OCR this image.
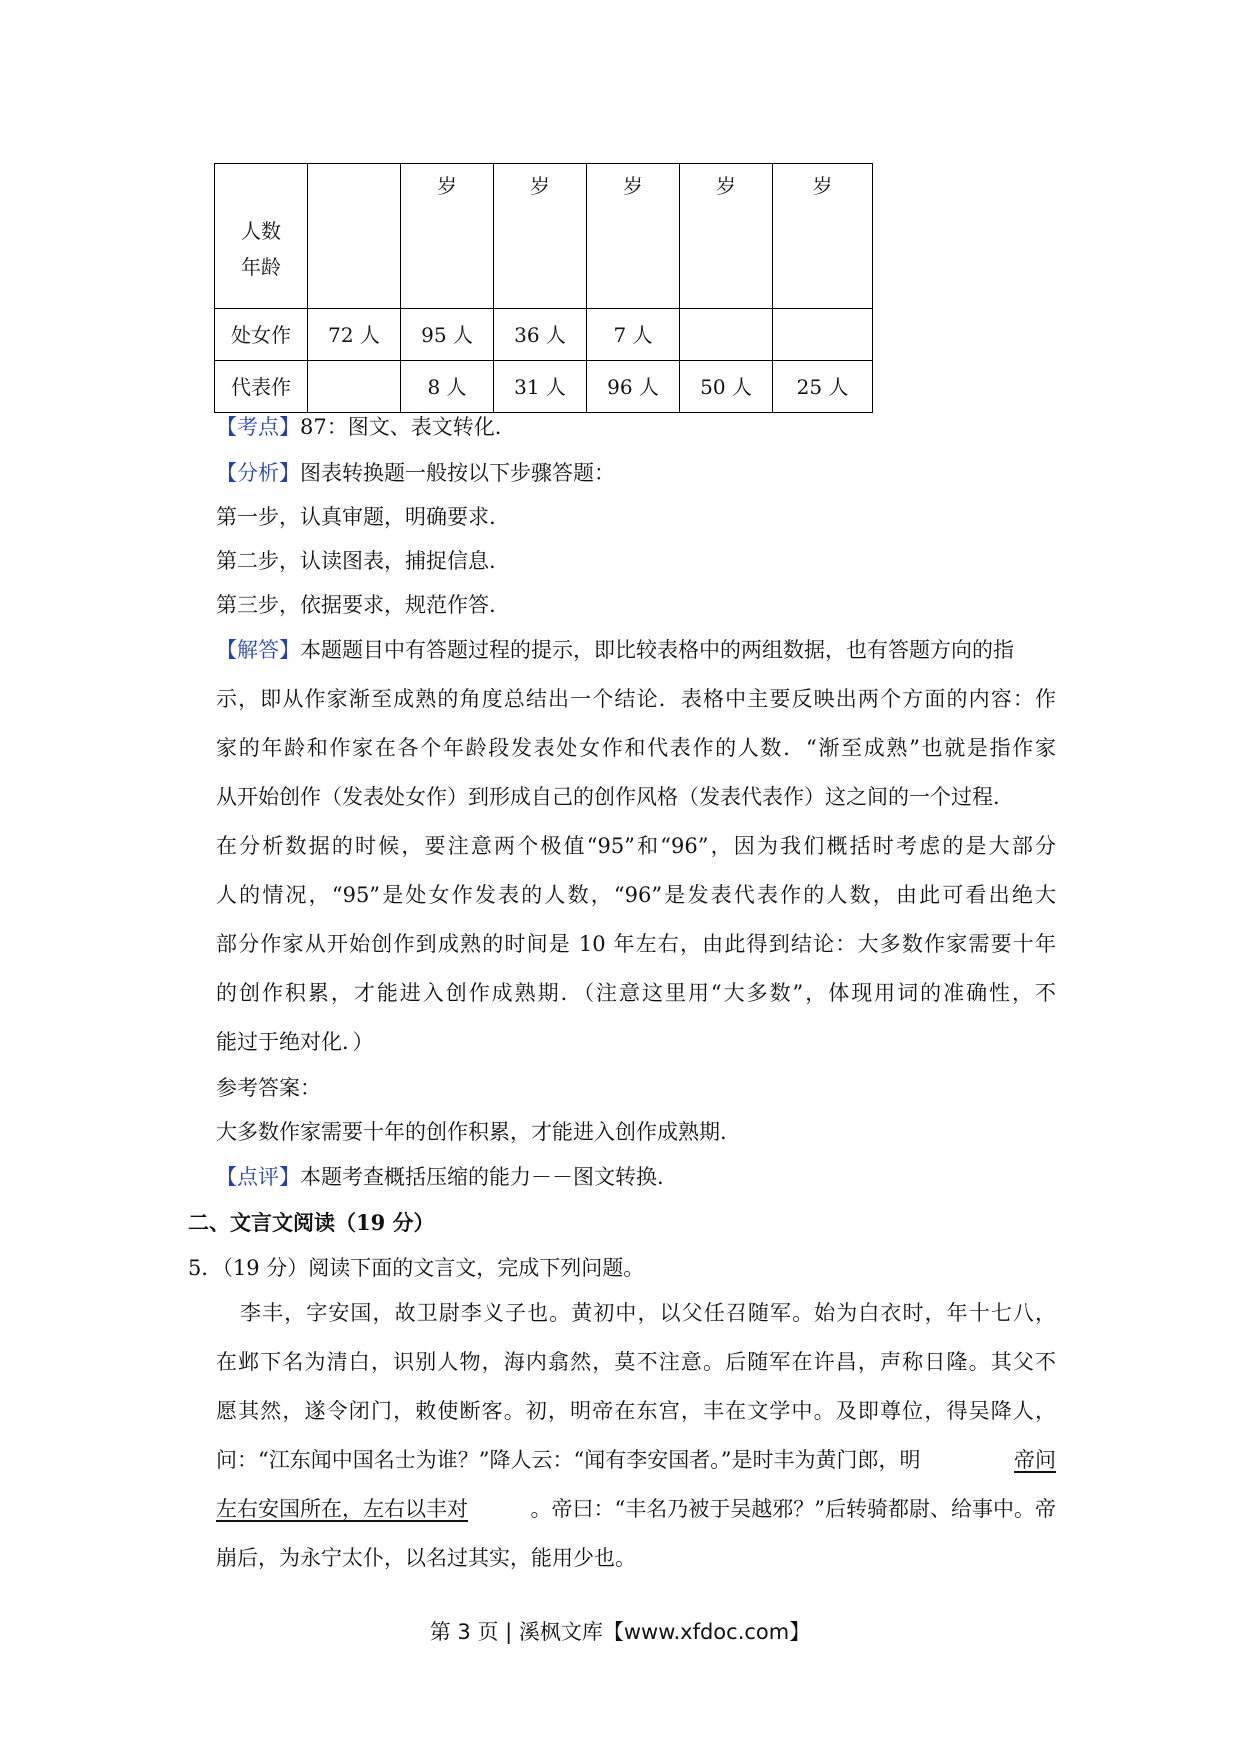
人数
年龄		岁	岁	岁	岁	岁

处女作	72 人	95 人	36 人	7 人		
代表作		8 人	31 人	96 人	50 人	25 人
【考点】87：图文、表文转化.
【分析】图表转换题一般按以下步骤答题：
第一步，认真审题，明确要求.
第二步，认读图表，捕捉信息.
第三步，依据要求，规范作答.
【解答】本题题目中有答题过程的提示，即比较表格中的两组数据，也有答题方向的指
示，即从作家渐至成熟的角度总结出一个结论．表格中主要反映出两个方面的内容：作
家的年龄和作家在各个年龄段发表处女作和代表作的人数．“渐至成熟”也就是指作家
从开始创作（发表处女作）到形成自己的创作风格（发表代表作）这之间的一个过程.
在分析数据的时候，要注意两个极值“95”和“96”，因为我们概括时考虑的是大部分
人的情况，“95”是处女作发表的人数，“96”是发表代表作的人数，由此可看出绝大
部分作家从开始创作到成熟的时间是 10 年左右，由此得到结论：大多数作家需要十年
的创作积累，才能进入创作成熟期．（注意这里用“大多数”，体现用词的准确性，不
能过于绝对化．）
参考答案：
大多数作家需要十年的创作积累，才能进入创作成熟期.
【点评】本题考查概括压缩的能力－－图文转换.
二、文言文阅读（19 分）
5．（19 分）阅读下面的文言文，完成下列问题。
李丰，字安国，故卫尉李义子也。黄初中，以父任召随军。始为白衣时，年十七八，
在邺下名为清白，识别人物，海内翕然，莫不注意。后随军在许昌，声称日隆。其父不
愿其然，遂令闭门，敕使断客。初，明帝在东宫，丰在文学中。及即尊位，得吴降人，
问：“江东闻中国名士为谁？”降人云：“闻有李安国者。”是时丰为黄门郎，明	帝问
左右安国所在，左右以丰对	。帝曰：“丰名乃被于吴越邪？”后转骑都尉、给事中。帝
崩后，为永宁太仆，以名过其实，能用少也。
第 3 页 | 溪枫文库【www.xfdoc.com】
